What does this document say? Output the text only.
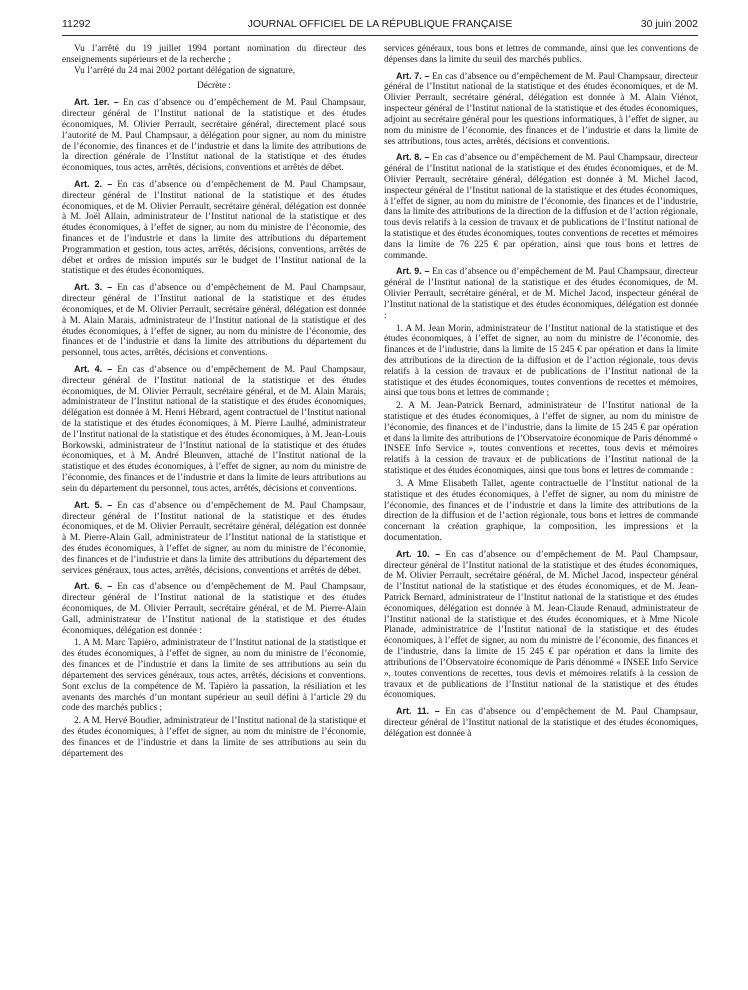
11292	JOURNAL OFFICIEL DE LA RÉPUBLIQUE FRANÇAISE	30 juin 2002

Vu l’arrêté du 19 juillet 1994 portant nomination du directeur des enseignements supérieurs et de la recherche ;

Vu l’arrêté du 24 mai 2002 portant délégation de signature,

Décrète :

Art. 1er. – En cas d’absence ou d’empêchement de M. Paul Champsaur, directeur général de l’Institut national de la statistique et des études économiques, M. Olivier Perrault, secrétaire général, directement placé sous l’autorité de M. Paul Champsaur, a délégation pour signer, au nom du ministre de l’économie, des finances et de l’industrie et dans la limite des attributions de la direction générale de l’Institut national de la statistique et des études économiques, tous actes, arrêtés, décisions, conventions et arrêtés de débet.

Art. 2. – En cas d’absence ou d’empêchement de M. Paul Champsaur, directeur général de l’Institut national de la statistique et des études économiques, et de M. Olivier Perrault, secrétaire général, délégation est donnée à M. Joël Allain, administrateur de l’Institut national de la statistique et des études économiques, à l’effet de signer, au nom du ministre de l’économie, des finances et de l’industrie et dans la limite des attributions du département Programmation et gestion, tous actes, arrêtés, décisions, conventions, arrêtés de débet et ordres de mission imputés sur le budget de l’Institut national de la statistique et des études économiques.

Art. 3. – En cas d’absence ou d’empêchement de M. Paul Champsaur, directeur général de l’Institut national de la statistique et des études économiques, et de M. Olivier Perrault, secrétaire général, délégation est donnée à M. Alain Marais, administrateur de l’Institut national de la statistique et des études économiques, à l’effet de signer, au nom du ministre de l’économie, des finances et de l’industrie et dans la limite des attributions du département du personnel, tous actes, arrêtés, décisions et conventions.

Art. 4. – En cas d’absence ou d’empêchement de M. Paul Champsaur, directeur général de l’Institut national de la statistique et des études économiques, de M. Olivier Perrault, secrétaire général, et de M. Alain Marais, administrateur de l’Institut national de la statistique et des études économiques, délégation est donnée à M. Henri Hébrard, agent contractuel de l’Institut national de la statistique et des études économiques, à M. Pierre Laulhé, administrateur de l’Institut national de la statistique et des études économiques, à M. Jean-Louis Borkowski, administrateur de l’Institut national de la statistique et des études économiques, et à M. André Bleunven, attaché de l’Institut national de la statistique et des études économiques, à l’effet de signer, au nom du ministre de l’économie, des finances et de l’industrie et dans la limite de leurs attributions au sein du département du personnel, tous actes, arrêtés, décisions et conventions.

Art. 5. – En cas d’absence ou d’empêchement de M. Paul Champsaur, directeur général de l’Institut national de la statistique et des études économiques, et de M. Olivier Perrault, secrétaire général, délégation est donnée à M. Pierre-Alain Gall, administrateur de l’Institut national de la statistique et des études économiques, à l’effet de signer, au nom du ministre de l’économie, des finances et de l’industrie et dans la limite des attributions du département des services généraux, tous actes, arrêtés, décisions, conventions et arrêtés de débet.

Art. 6. – En cas d’absence ou d’empêchement de M. Paul Champsaur, directeur général de l’Institut national de la statistique et des études économiques, de M. Olivier Perrault, secrétaire général, et de M. Pierre-Alain Gall, administrateur de l’Institut national de la statistique et des études économiques, délégation est donnée :

1. A M. Marc Tapièro, administrateur de l’Institut national de la statistique et des études économiques, à l’effet de signer, au nom du ministre de l’économie, des finances et de l’industrie et dans la limite de ses attributions au sein du département des services généraux, tous actes, arrêtés, décisions et conventions. Sont exclus de la compétence de M. Tapièro la passation, la résiliation et les avenants des marchés d’un montant supérieur au seuil défini à l’article 29 du code des marchés publics ;

2. A M. Hervé Boudier, administrateur de l’Institut national de la statistique et des études économiques, à l’effet de signer, au nom du ministre de l’économie, des finances et de l’industrie et dans la limite de ses attributions au sein du département des

services généraux, tous bons et lettres de commande, ainsi que les conventions de dépenses dans la limite du seuil des marchés publics.

Art. 7. – En cas d’absence ou d’empêchement de M. Paul Champsaur, directeur général de l’Institut national de la statistique et des études économiques, et de M. Olivier Perrault, secrétaire général, délégation est donnée à M. Alain Viénot, inspecteur général de l’Institut national de la statistique et des études économiques, adjoint au secrétaire général pour les questions informatiques, à l’effet de signer, au nom du ministre de l’économie, des finances et de l’industrie et dans la limite de ses attributions, tous actes, arrêtés, décisions et conventions.

Art. 8. – En cas d’absence ou d’empêchement de M. Paul Champsaur, directeur général de l’Institut national de la statistique et des études économiques, et de M. Olivier Perrault, secrétaire général, délégation est donnée à M. Michel Jacod, inspecteur général de l’Institut national de la statistique et des études économiques, à l’effet de signer, au nom du ministre de l’économie, des finances et de l’industrie, dans la limite des attributions de la direction de la diffusion et de l’action régionale, tous devis relatifs à la cession de travaux et de publications de l’Institut national de la statistique et des études économiques, toutes conventions de recettes et mémoires dans la limite de 76 225 € par opération, ainsi que tous bons et lettres de commande.

Art. 9. – En cas d’absence ou d’empêchement de M. Paul Champsaur, directeur général de l’Institut national de la statistique et des études économiques, de M. Olivier Perrault, secrétaire général, et de M. Michel Jacod, inspecteur général de l’Institut national de la statistique et des études économiques, délégation est donnée :

1. A M. Jean Morin, administrateur de l’Institut national de la statistique et des études économiques, à l’effet de signer, au nom du ministre de l’économie, des finances et de l’industrie, dans la limite de 15 245 € par opération et dans la limite des attributions de la direction de la diffusion et de l’action régionale, tous devis relatifs à la cession de travaux et de publications de l’Institut national de la statistique et des études économiques, toutes conventions de recettes et mémoires, ainsi que tous bons et lettres de commande ;

2. A M. Jean-Patrick Bernard, administrateur de l’Institut national de la statistique et des études économiques, à l’effet de signer, au nom du ministre de l’économie, des finances et de l’industrie, dans la limite de 15 245 € par opération et dans la limite des attributions de l’Observatoire économique de Paris dénommé « INSEE Info Service », toutes conventions et recettes, tous devis et mémoires relatifs à la cession de travaux et de publications de l’Institut national de la statistique et des études économiques, ainsi que tous bons et lettres de commande :

3. A Mme Elisabeth Tallet, agente contractuelle de l’Institut national de la statistique et des études économiques, à l’effet de signer, au nom du ministre de l’économie, des finances et de l’industrie et dans la limite des attributions de la direction de la diffusion et de l’action régionale, tous bons et lettres de commande concernant la création graphique, la composition, les impressions et la documentation.

Art. 10. – En cas d’absence ou d’empêchement de M. Paul Champsaur, directeur général de l’Institut national de la statistique et des études économiques, de M. Olivier Perrault, secrétaire général, de M. Michel Jacod, inspecteur général de l’Institut national de la statistique et des études économiques, et de M. Jean-Patrick Bernard, administrateur de l’Institut national de la statistique et des études économiques, délégation est donnée à M. Jean-Claude Renaud, administrateur de l’Institut national de la statistique et des études économiques, et à Mme Nicole Planade, administratrice de l’Institut national de la statistique et des études économiques, à l’effet de signer, au nom du ministre de l’économie, des finances et de l’industrie, dans la limite de 15 245 € par opération et dans la limite des attributions de l’Observatoire économique de Paris dénommé « INSEE Info Service », toutes conventions de recettes, tous devis et mémoires relatifs à la cession de travaux et de publications de l’Institut national de la statistique et des études économiques.

Art. 11. – En cas d’absence ou d’empêchement de M. Paul Champsaur, directeur général de l’Institut national de la statistique et des études économiques, délégation est donnée à
